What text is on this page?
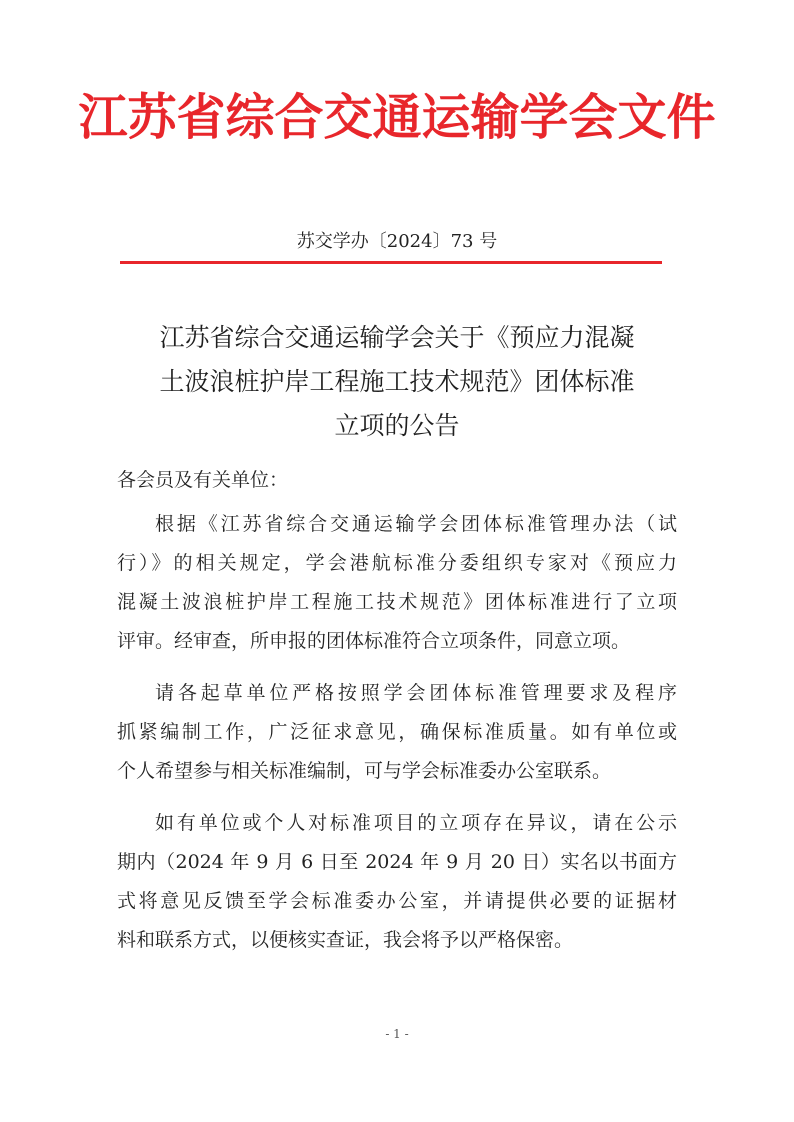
江苏省综合交通运输学会文件
苏交学办〔2024〕73 号
江苏省综合交通运输学会关于《预应力混凝
土波浪桩护岸工程施工技术规范》团体标准
立项的公告
各会员及有关单位：
根据《江苏省综合交通运输学会团体标准管理办法（试
行）》的相关规定，学会港航标准分委组织专家对《预应力
混凝土波浪桩护岸工程施工技术规范》团体标准进行了立项
评审。经审查，所申报的团体标准符合立项条件，同意立项。
请各起草单位严格按照学会团体标准管理要求及程序
抓紧编制工作，广泛征求意见，确保标准质量。如有单位或
个人希望参与相关标准编制，可与学会标准委办公室联系。
如有单位或个人对标准项目的立项存在异议，请在公示
期内（2024 年 9 月 6 日至 2024 年 9 月 20 日）实名以书面方
式将意见反馈至学会标准委办公室，并请提供必要的证据材
料和联系方式，以便核实查证，我会将予以严格保密。
- 1 -
